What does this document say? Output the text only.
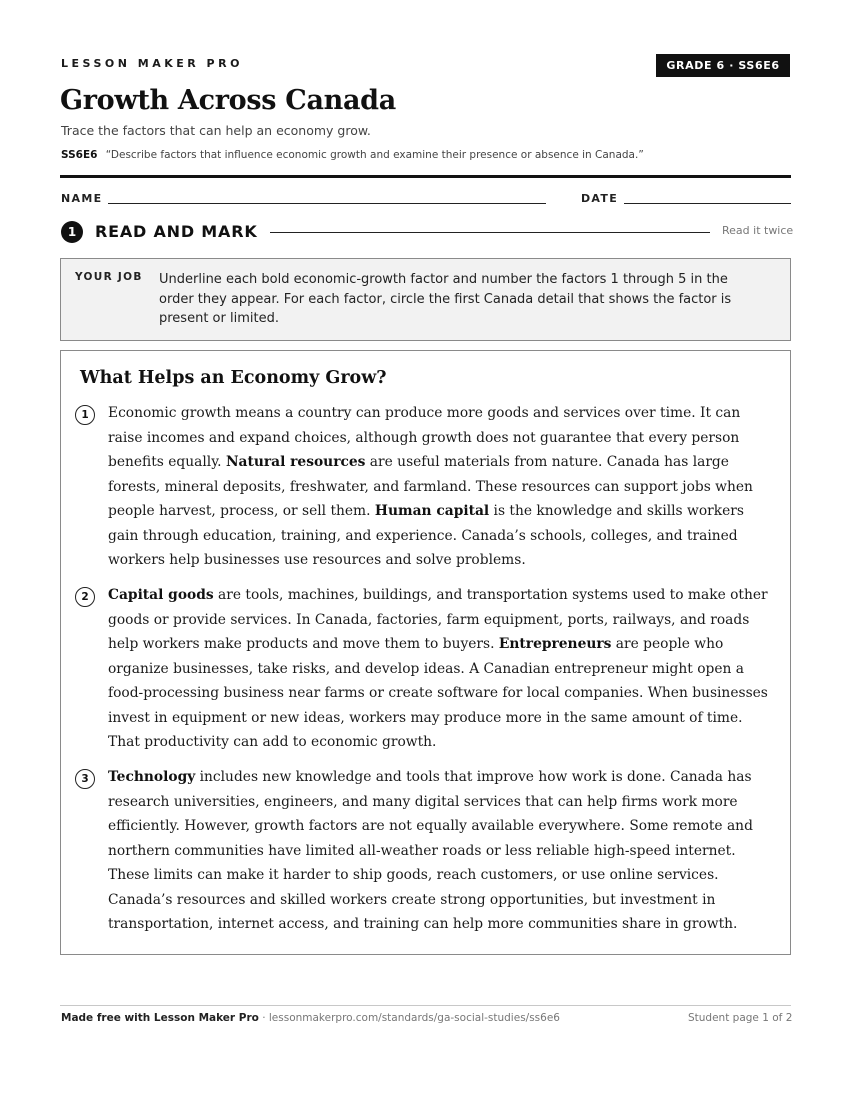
LESSON MAKER PRO	GRADE 6 · SS6E6
Growth Across Canada
Trace the factors that can help an economy grow.
SS6E6 “Describe factors that influence economic growth and examine their presence or absence in Canada.”
NAME	DATE
1	READ AND MARK	Read it twice
YOUR JOB Underline each bold economic-growth factor and number the factors 1 through 5 in the order they appear. For each factor, circle the first Canada detail that shows the factor is present or limited.
What Helps an Economy Grow?
1	Economic growth means a country can produce more goods and services over time. It can raise incomes and expand choices, although growth does not guarantee that every person benefits equally. Natural resources are useful materials from nature. Canada has large forests, mineral deposits, freshwater, and farmland. These resources can support jobs when people harvest, process, or sell them. Human capital is the knowledge and skills workers gain through education, training, and experience. Canada’s schools, colleges, and trained workers help businesses use resources and solve problems.

2	Capital goods are tools, machines, buildings, and transportation systems used to make other goods or provide services. In Canada, factories, farm equipment, ports, railways, and roads help workers make products and move them to buyers. Entrepreneurs are people who organize businesses, take risks, and develop ideas. A Canadian entrepreneur might open a food-processing business near farms or create software for local companies. When businesses invest in equipment or new ideas, workers may produce more in the same amount of time. That productivity can add to economic growth.

3	Technology includes new knowledge and tools that improve how work is done. Canada has research universities, engineers, and many digital services that can help firms work more efficiently. However, growth factors are not equally available everywhere. Some remote and northern communities have limited all-weather roads or less reliable high-speed internet. These limits can make it harder to ship goods, reach customers, or use online services. Canada’s resources and skilled workers create strong opportunities, but investment in transportation, internet access, and training can help more communities share in growth.

Made free with Lesson Maker Pro · lessonmakerpro.com/standards/ga-social-studies/ss6e6	Student page 1 of 2
